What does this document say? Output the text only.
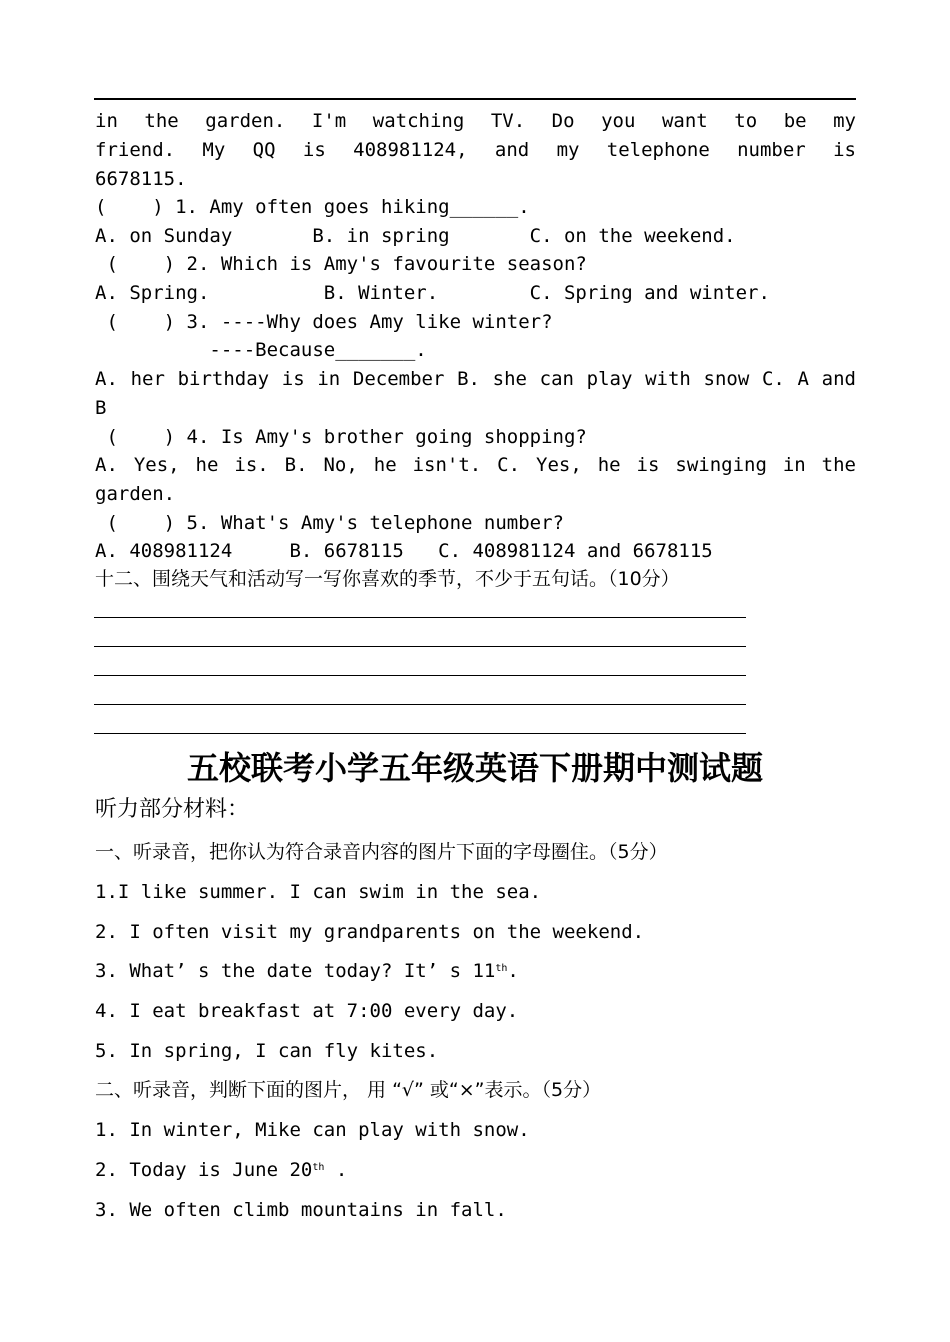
in the garden. I'm watching TV. Do you want to be my
friend. My QQ is 408981124, and my telephone number is
6678115.
(    ) 1. Amy often goes hiking______.
A. on Sunday       B. in spring       C. on the weekend.
(    ) 2. Which is Amy's favourite season?
A. Spring.          B. Winter.        C. Spring and winter.
(    ) 3. ----Why does Amy like winter?
----Because_______.
A. her birthday is in December B. she can play with snow C. A and
B
(    ) 4. Is Amy's brother going shopping?
A. Yes, he is. B. No, he isn't. C. Yes, he is swinging in the
garden.
(    ) 5. What's Amy's telephone number?
A. 408981124     B. 6678115   C. 408981124 and 6678115
十二、围绕天气和活动写一写你喜欢的季节，不少于五句话。（10分）
五校联考小学五年级英语下册期中测试题
听力部分材料：
一、听录音，把你认为符合录音内容的图片下面的字母圈住。（5分）
1.I like summer. I can swim in the sea.
2. I often visit my grandparents on the weekend.
3. What’ s the date today? It’ s 11th.
4. I eat breakfast at 7:00 every day.
5. In spring, I can fly kites.
二、听录音，判断下面的图片， 用 “√” 或“×”表示。（5分）
1. In winter, Mike can play with snow.
2. Today is June 20th .
3. We often climb mountains in fall.
